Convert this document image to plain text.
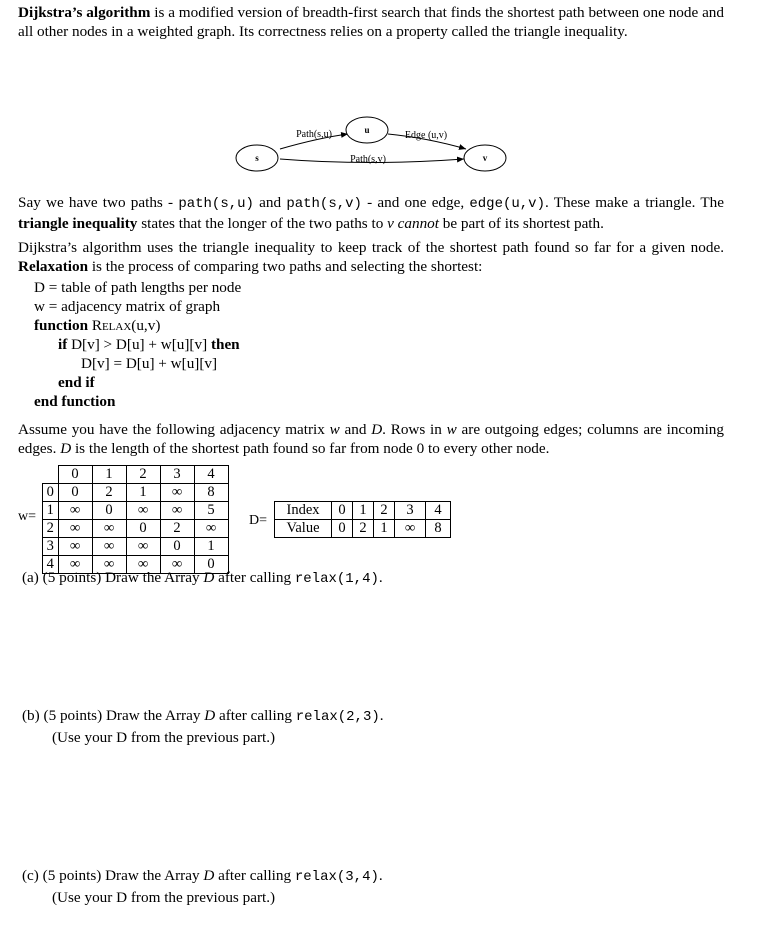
Dijkstra’s algorithm is a modified version of breadth-first search that finds the shortest path between one node and all other nodes in a weighted graph. Its correctness relies on a property called the triangle inequality.

s
u
v
Path(s,u)	Edge (u,v)
Path(s,v)

Say we have two paths - path(s,u) and path(s,v) - and one edge, edge(u,v). These make a triangle. The triangle inequality states that the longer of the two paths to v cannot be part of its shortest path.

Dijkstra’s algorithm uses the triangle inequality to keep track of the shortest path found so far for a given node. Relaxation is the process of comparing two paths and selecting the shortest:

D = table of path lengths per node
w = adjacency matrix of graph
function Relax(u,v)
if D[v] > D[u] + w[u][v] then
D[v] = D[u] + w[u][v]
end if
end function

Assume you have the following adjacency matrix w and D. Rows in w are outgoing edges; columns are incoming edges. D is the length of the shortest path found so far from node 0 to every other node.

w=
	0	1	2	3	4
0	0	2	1	∞	8
1	∞	0	∞	∞	5
2	∞	∞	0	2	∞
3	∞	∞	∞	0	1
4	∞	∞	∞	∞	0
D=
Index	0	1	2	3	4
Value	0	2	1	∞	8
(a) (5 points) Draw the Array D after calling relax(1,4).
(b) (5 points) Draw the Array D after calling relax(2,3).
(Use your D from the previous part.)
(c) (5 points) Draw the Array D after calling relax(3,4).
(Use your D from the previous part.)
